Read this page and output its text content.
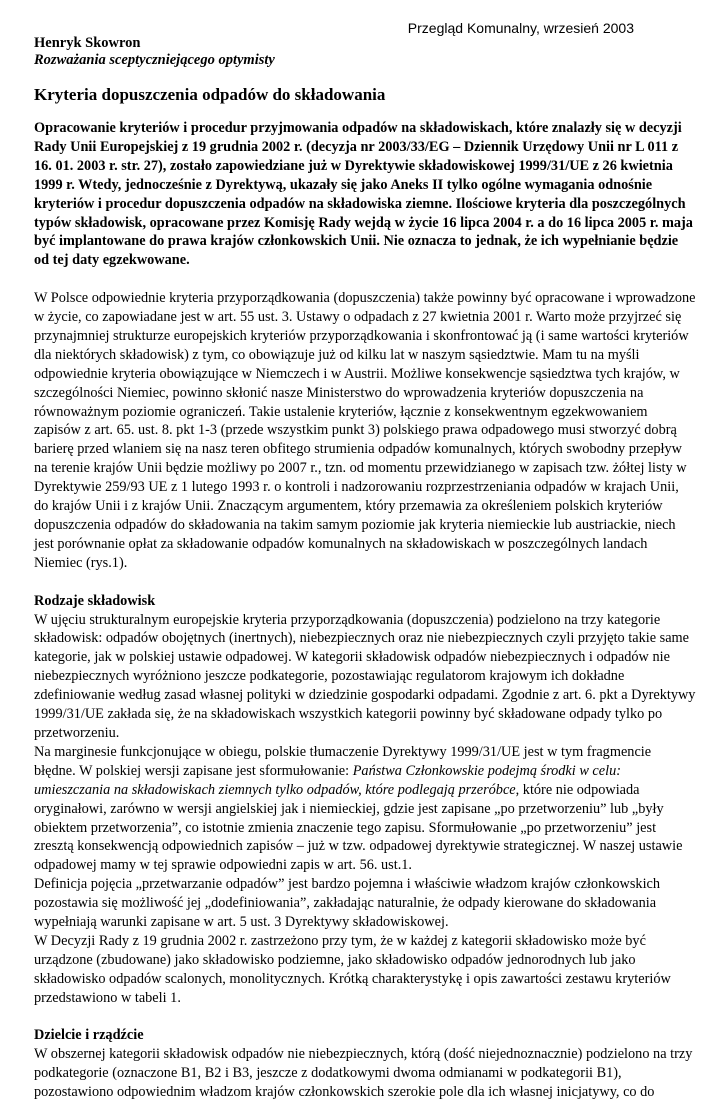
Przegląd Komunalny, wrzesień 2003
Henryk Skowron
Rozważania sceptyczniejącego optymisty
Kryteria dopuszczenia odpadów do składowania

Opracowanie kryteriów i procedur przyjmowania odpadów na składowiskach, które znalazły się w decyzji Rady Unii Europejskiej z 19 grudnia 2002 r. (decyzja nr 2003/33/EG – Dziennik Urzędowy Unii nr L 011 z 16. 01. 2003 r. str. 27), zostało zapowiedziane już w Dyrektywie składowiskowej 1999/31/UE z 26 kwietnia 1999 r. Wtedy, jednocześnie z Dyrektywą, ukazały się jako Aneks II tylko ogólne wymagania odnośnie kryteriów i procedur dopuszczenia odpadów na składowiska ziemne. Ilościowe kryteria dla poszczególnych typów składowisk, opracowane przez Komisję Rady wejdą w życie 16 lipca 2004 r. a do 16 lipca 2005 r. maja być implantowane do prawa krajów członkowskich Unii. Nie oznacza to jednak, że ich wypełnianie będzie od tej daty egzekwowane.

W Polsce odpowiednie kryteria przyporządkowania (dopuszczenia) także powinny być opracowane i wprowadzone w życie, co zapowiadane jest w art. 55 ust. 3. Ustawy o odpadach z 27 kwietnia 2001 r. Warto może przyjrzeć się przynajmniej strukturze europejskich kryteriów przyporządkowania i skonfrontować ją (i same wartości kryteriów dla niektórych składowisk) z tym, co obowiązuje już od kilku lat w naszym sąsiedztwie. Mam tu na myśli odpowiednie kryteria obowiązujące w Niemczech i w Austrii. Możliwe konsekwencje sąsiedztwa tych krajów, w szczególności Niemiec, powinno skłonić nasze Ministerstwo do wprowadzenia kryteriów dopuszczenia na równoważnym poziomie ograniczeń. Takie ustalenie kryteriów, łącznie z konsekwentnym egzekwowaniem zapisów z art. 65. ust. 8. pkt 1-3 (przede wszystkim punkt 3) polskiego prawa odpadowego musi stworzyć dobrą barierę przed wlaniem się na nasz teren obfitego strumienia odpadów komunalnych, których swobodny przepływ na terenie krajów Unii będzie możliwy po 2007 r., tzn. od momentu przewidzianego w zapisach tzw. żółtej listy w Dyrektywie 259/93 UE z 1 lutego 1993 r. o kontroli i nadzorowaniu rozprzestrzeniania odpadów w krajach Unii, do krajów Unii i z krajów Unii. Znaczącym argumentem, który przemawia za określeniem polskich kryteriów dopuszczenia odpadów do składowania na takim samym poziomie jak kryteria niemieckie lub austriackie, niech jest porównanie opłat za składowanie odpadów komunalnych na składowiskach w poszczególnych landach Niemiec (rys.1).

Rodzaje składowisk

W ujęciu strukturalnym europejskie kryteria przyporządkowania (dopuszczenia) podzielono na trzy kategorie składowisk: odpadów obojętnych (inertnych), niebezpiecznych oraz nie niebezpiecznych czyli przyjęto takie same kategorie, jak w polskiej ustawie odpadowej. W kategorii składowisk odpadów niebezpiecznych i odpadów nie niebezpiecznych wyróżniono jeszcze podkategorie, pozostawiając regulatorom krajowym ich dokładne zdefiniowanie według zasad własnej polityki w dziedzinie gospodarki odpadami. Zgodnie z art. 6. pkt a Dyrektywy 1999/31/UE zakłada się, że na składowiskach wszystkich kategorii powinny być składowane odpady tylko po przetworzeniu.

Na marginesie funkcjonujące w obiegu, polskie tłumaczenie Dyrektywy 1999/31/UE jest w tym fragmencie błędne. W polskiej wersji zapisane jest sformułowanie: Państwa Członkowskie podejmą środki w celu: umieszczania na składowiskach ziemnych tylko odpadów, które podlegają przeróbce, które nie odpowiada oryginałowi, zarówno w wersji angielskiej jak i niemieckiej, gdzie jest zapisane „po przetworzeniu” lub „były obiektem przetworzenia”, co istotnie zmienia znaczenie tego zapisu. Sformułowanie „po przetworzeniu” jest zresztą konsekwencją odpowiednich zapisów – już w tzw. odpadowej dyrektywie strategicznej. W naszej ustawie odpadowej mamy w tej sprawie odpowiedni zapis w art. 56. ust.1.

Definicja pojęcia „przetwarzanie odpadów” jest bardzo pojemna i właściwie władzom krajów członkowskich pozostawia się możliwość jej „dodefiniowania”, zakładając naturalnie, że odpady kierowane do składowania wypełniają warunki zapisane w art. 5 ust. 3 Dyrektywy składowiskowej.

W Decyzji Rady z 19 grudnia 2002 r. zastrzeżono przy tym, że w każdej z kategorii składowisko może być urządzone (zbudowane) jako składowisko podziemne, jako składowisko odpadów jednorodnych lub jako składowisko odpadów scalonych, monolitycznych. Krótką charakterystykę i opis zawartości zestawu kryteriów przedstawiono w tabeli 1.

Dzielcie i rządźcie

W obszernej kategorii składowisk odpadów nie niebezpiecznych, którą (dość niejednoznacznie) podzielono na trzy podkategorie (oznaczone B1, B2 i B3, jeszcze z dodatkowymi dwoma odmianami w podkategorii B1), pozostawiono odpowiednim władzom krajów członkowskich szerokie pole dla ich własnej inicjatywy, co do
